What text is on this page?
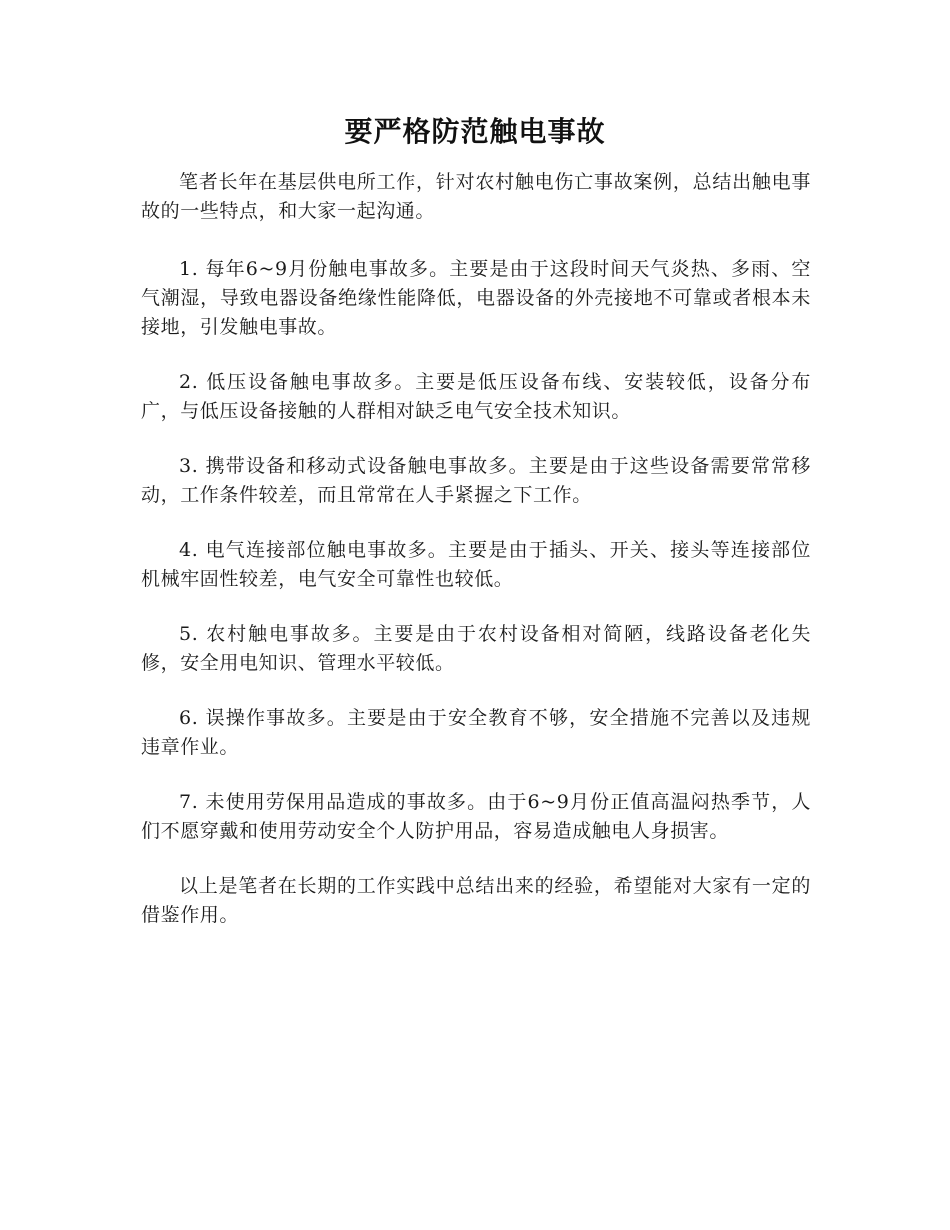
要严格防范触电事故

笔者长年在基层供电所工作，针对农村触电伤亡事故案例，总结出触电事故的一些特点，和大家一起沟通。

1. 每年6~9月份触电事故多。主要是由于这段时间天气炎热、多雨、空气潮湿，导致电器设备绝缘性能降低，电器设备的外壳接地不可靠或者根本未接地，引发触电事故。

2. 低压设备触电事故多。主要是低压设备布线、安装较低，设备分布广，与低压设备接触的人群相对缺乏电气安全技术知识。

3. 携带设备和移动式设备触电事故多。主要是由于这些设备需要常常移动，工作条件较差，而且常常在人手紧握之下工作。

4. 电气连接部位触电事故多。主要是由于插头、开关、接头等连接部位机械牢固性较差，电气安全可靠性也较低。

5. 农村触电事故多。主要是由于农村设备相对简陋，线路设备老化失修，安全用电知识、管理水平较低。

6. 误操作事故多。主要是由于安全教育不够，安全措施不完善以及违规违章作业。

7. 未使用劳保用品造成的事故多。由于6~9月份正值高温闷热季节，人们不愿穿戴和使用劳动安全个人防护用品，容易造成触电人身损害。

以上是笔者在长期的工作实践中总结出来的经验，希望能对大家有一定的借鉴作用。
